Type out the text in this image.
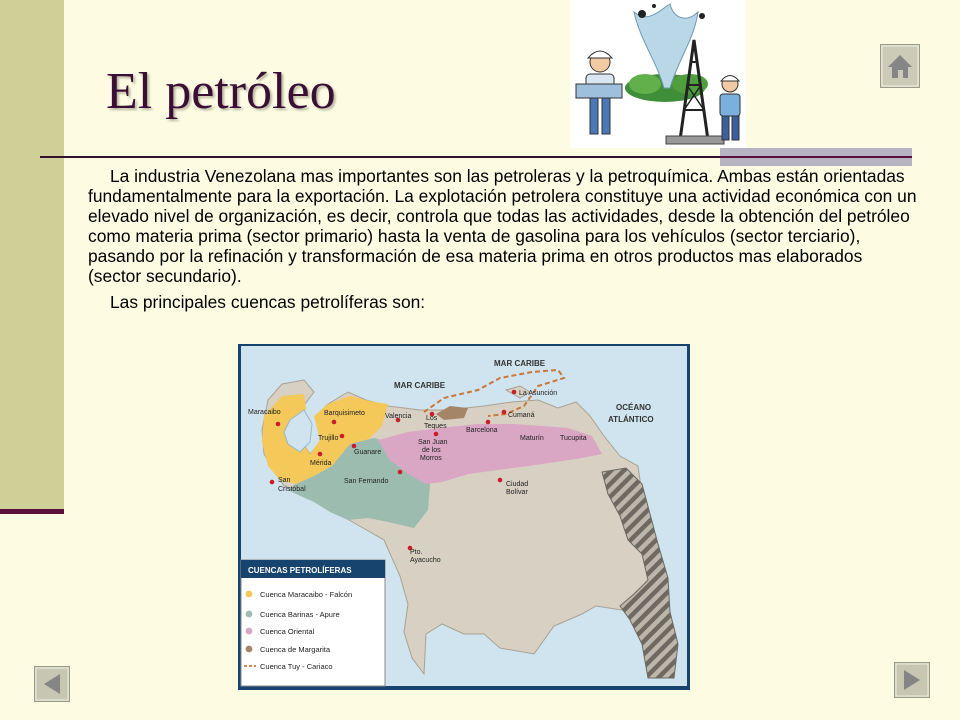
El petróleo

La industria Venezolana mas importantes son las petroleras y la petroquímica. Ambas están orientadas fundamentalmente para la exportación. La explotación petrolera constituye una actividad económica con un elevado nivel de organización, es decir, controla que todas las actividades, desde la obtención del petróleo como materia prima (sector primario) hasta la venta de gasolina para los vehículos (sector terciario), pasando por la refinación y transformación de esa materia prima en otros productos mas elaborados (sector secundario).

Las principales cuencas petrolíferas son:

MAR CARIBE
MAR CARIBE
OCÉANO
ATLÁNTICO
Maracaibo	Barquisimeto	Valencia Los
Teques
La Asunción
Cumaná
Barcelona
Trujillo
San Juan
de los
Morros
Maturín Tucupita
Guanare
Mérida
San
Cristóbal
San Fernando	Ciudad
Bolívar
Pto.
Ayacucho
CUENCAS PETROLÍFERAS
Cuenca Maracaibo - Falcón
Cuenca Barinas - Apure
Cuenca Oriental
Cuenca de Margarita
Cuenca Tuy - Cariaco
